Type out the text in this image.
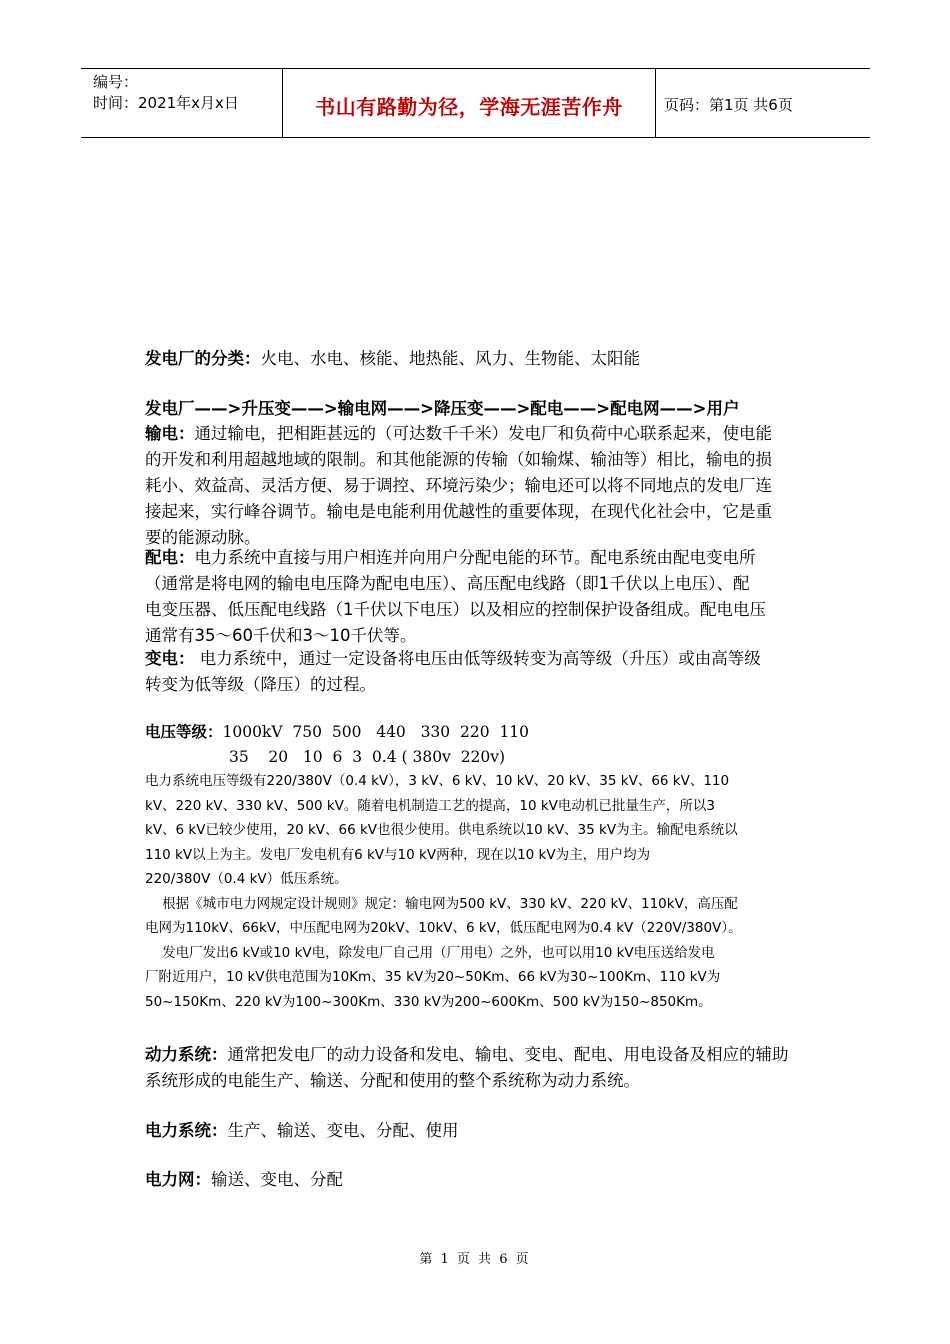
编号：
时间：2021年x月x日	书山有路勤为径，学海无涯苦作舟	页码：第1页 共6页
发电厂的分类：火电、水电、核能、地热能、风力、生物能、太阳能
发电厂——>升压变——>输电网——>降压变——>配电——>配电网——>用户
输电：通过输电，把相距甚远的（可达数千千米）发电厂和负荷中心联系起来，使电能
的开发和利用超越地域的限制。和其他能源的传输（如输煤、输油等）相比，输电的损
耗小、效益高、灵活方便、易于调控、环境污染少；输电还可以将不同地点的发电厂连
接起来，实行峰谷调节。输电是电能利用优越性的重要体现，在现代化社会中，它是重
要的能源动脉。
配电：电力系统中直接与用户相连并向用户分配电能的环节。配电系统由配电变电所
（通常是将电网的输电电压降为配电电压）、高压配电线路（即1千伏以上电压）、配
电变压器、低压配电线路（1千伏以下电压）以及相应的控制保护设备组成。配电电压
通常有35～60千伏和3～10千伏等。
变电： 电力系统中，通过一定设备将电压由低等级转变为高等级（升压）或由高等级
转变为低等级（降压）的过程。
电压等级：1000kV  750  500   440   330  220  110
35    20   10  6  3  0.4 ( 380v  220v)
电力系统电压等级有220/380V（0.4 kV），3 kV、6 kV、10 kV、20 kV、35 kV、66 kV、110
kV、220 kV、330 kV、500 kV。随着电机制造工艺的提高，10 kV电动机已批量生产，所以3
kV、6 kV已较少使用，20 kV、66 kV也很少使用。供电系统以10 kV、35 kV为主。输配电系统以
110 kV以上为主。发电厂发电机有6 kV与10 kV两种，现在以10 kV为主，用户均为
220/380V（0.4 kV）低压系统。
根据《城市电力网规定设计规则》规定：输电网为500 kV、330 kV、220 kV、110kV，高压配
电网为110kV、66kV，中压配电网为20kV、10kV、6 kV，低压配电网为0.4 kV（220V/380V）。
发电厂发出6 kV或10 kV电，除发电厂自己用（厂用电）之外，也可以用10 kV电压送给发电
厂附近用户，10 kV供电范围为10Km、35 kV为20~50Km、66 kV为30~100Km、110 kV为
50~150Km、220 kV为100~300Km、330 kV为200~600Km、500 kV为150~850Km。
动力系统：通常把发电厂的动力设备和发电、输电、变电、配电、用电设备及相应的辅助
系统形成的电能生产、输送、分配和使用的整个系统称为动力系统。
电力系统：生产、输送、变电、分配、使用
电力网：输送、变电、分配
第 1 页 共 6 页
